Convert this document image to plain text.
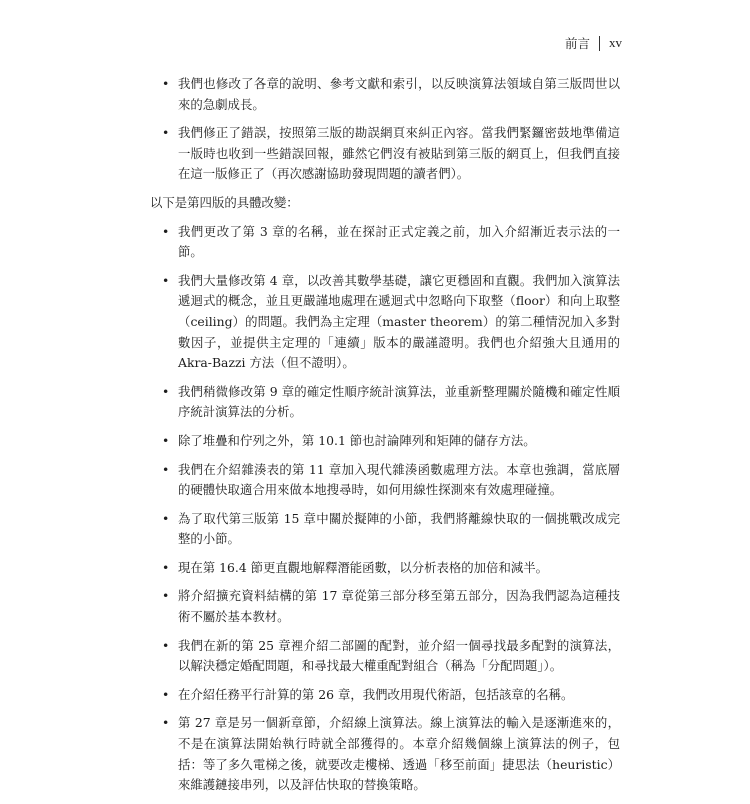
前言 xv
• 我們也修改了各章的說明、參考文獻和索引，以反映演算法領域自第三版問世以來的急劇成長。
• 我們修正了錯誤，按照第三版的勘誤網頁來糾正內容。當我們緊鑼密鼓地準備這一版時也收到一些錯誤回報，雖然它們沒有被貼到第三版的網頁上，但我們直接在這一版修正了（再次感謝協助發現問題的讀者們）。

以下是第四版的具體改變：

• 我們更改了第 3 章的名稱，並在探討正式定義之前，加入介紹漸近表示法的一節。
• 我們大量修改第 4 章，以改善其數學基礎，讓它更穩固和直觀。我們加入演算法遞迴式的概念，並且更嚴謹地處理在遞迴式中忽略向下取整（floor）和向上取整（ceiling）的問題。我們為主定理（master theorem）的第二種情況加入多對數因子，並提供主定理的「連續」版本的嚴謹證明。我們也介紹強大且通用的 Akra-Bazzi 方法（但不證明）。
• 我們稍微修改第 9 章的確定性順序統計演算法，並重新整理關於隨機和確定性順序統計演算法的分析。
• 除了堆疊和佇列之外，第 10.1 節也討論陣列和矩陣的儲存方法。
• 我們在介紹雜湊表的第 11 章加入現代雜湊函數處理方法。本章也強調，當底層的硬體快取適合用來做本地搜尋時，如何用線性探測來有效處理碰撞。
• 為了取代第三版第 15 章中關於擬陣的小節，我們將離線快取的一個挑戰改成完整的小節。
• 現在第 16.4 節更直觀地解釋潛能函數，以分析表格的加倍和減半。
• 將介紹擴充資料結構的第 17 章從第三部分移至第五部分，因為我們認為這種技術不屬於基本教材。
• 我們在新的第 25 章裡介紹二部圖的配對，並介紹一個尋找最多配對的演算法，以解決穩定婚配問題，和尋找最大權重配對組合（稱為「分配問題」）。
• 在介紹任務平行計算的第 26 章，我們改用現代術語，包括該章的名稱。
• 第 27 章是另一個新章節，介紹線上演算法。線上演算法的輸入是逐漸進來的，不是在演算法開始執行時就全部獲得的。本章介紹幾個線上演算法的例子，包括：等了多久電梯之後，就要改走樓梯、透過「移至前面」捷思法（heuristic）來維護鏈接串列，以及評估快取的替換策略。
